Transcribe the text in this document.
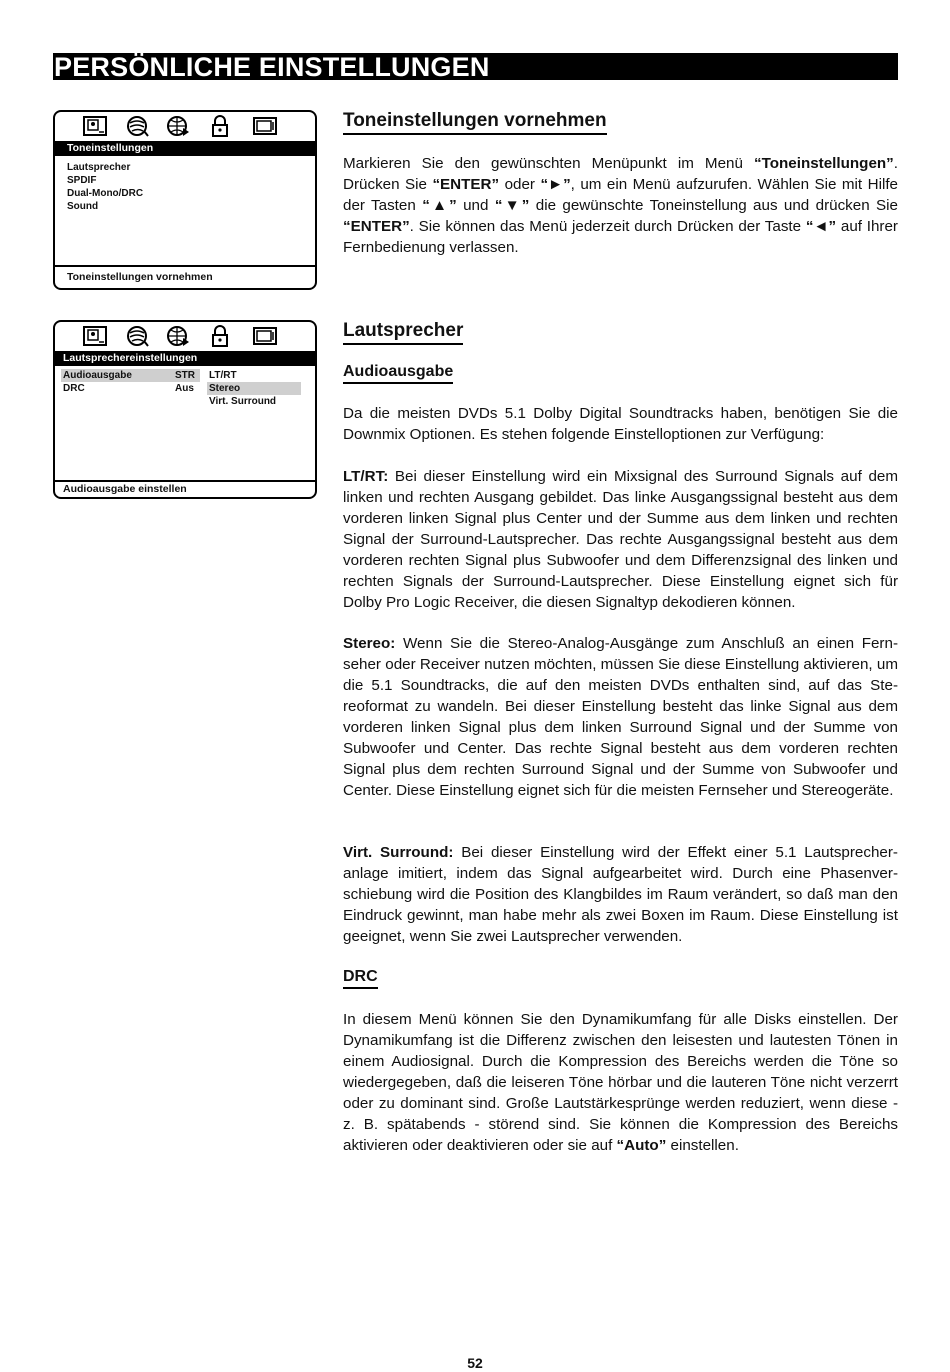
PERSÖNLICHE EINSTELLUNGEN
Toneinstellungen
Lautsprecher
SPDIF
Dual-Mono/DRC
Sound
Toneinstellungen vornehmen
Lautsprechereinstellungen
Audioausgabe	STR LT/RT
DRC	Aus Stereo
Virt. Surround
Audioausgabe einstellen
Toneinstellungen vornehmen

Markieren Sie den gewünschten Menüpunkt im Menü “Toneinstellungen”. Drücken Sie “ENTER” oder “►”, um ein Menü aufzurufen. Wählen Sie mit Hilfe der Tasten “▲” und “▼” die gewünschte Toneinstellung aus und drücken Sie “ENTER”. Sie können das Menü jederzeit durch Drücken der Taste “◄” auf Ihrer Fernbedienung verlassen.

Lautsprecher
Audioausgabe

Da die meisten DVDs 5.1 Dolby Digital Soundtracks haben, benötigen Sie die Downmix Optionen. Es stehen folgende Einstelloptionen zur Verfügung:

LT/RT: Bei dieser Einstellung wird ein Mixsignal des Surround Signals auf dem linken und rechten Ausgang gebildet. Das linke Ausgangssignal besteht aus dem vorderen linken Signal plus Center und der Summe aus dem linken und rechten Signal der Surround-Lautsprecher. Das rechte Ausgangssignal besteht aus dem vorderen rechten Signal plus Subwoofer und dem Differenzsignal des linken und rechten Signals der Surround-Lautsprecher. Diese Einstellung eignet sich für Dolby Pro Logic Receiver, die diesen Signaltyp dekodieren können.

Stereo: Wenn Sie die Stereo-Analog-Ausgänge zum Anschluß an einen Fernseher oder Receiver nutzen möchten, müssen Sie diese Einstellung aktivieren, um die 5.1 Soundtracks, die auf den meisten DVDs enthalten sind, auf das Stereoformat zu wandeln. Bei dieser Einstellung besteht das linke Signal aus dem vorderen linken Signal plus dem linken Surround Signal und der Summe von Subwoofer und Center. Das rechte Signal besteht aus dem vorderen rechten Signal plus dem rechten Surround Signal und der Summe von Subwoofer und Center. Diese Einstellung eignet sich für die meisten Fernseher und Stereogeräte.

Virt. Surround: Bei dieser Einstellung wird der Effekt einer 5.1 Lautsprecheranlage imitiert, indem das Signal aufgearbeitet wird. Durch eine Phasenverschiebung wird die Position des Klangbildes im Raum verändert, so daß man den Eindruck gewinnt, man habe mehr als zwei Boxen im Raum. Diese Einstellung ist geeignet, wenn Sie zwei Lautsprecher verwenden.

DRC

In diesem Menü können Sie den Dynamikumfang für alle Disks einstellen. Der Dynamikumfang ist die Differenz zwischen den leisesten und lautesten Tönen in einem Audiosignal. Durch die Kompression des Bereichs werden die Töne so wiedergegeben, daß die leiseren Töne hörbar und die lauteren Töne nicht verzerrt oder zu dominant sind. Große Lautstärkesprünge werden reduziert, wenn diese - z. B. spätabends - störend sind. Sie können die Kompression des Bereichs aktivieren oder deaktivieren oder sie auf “Auto” einstellen.

52
